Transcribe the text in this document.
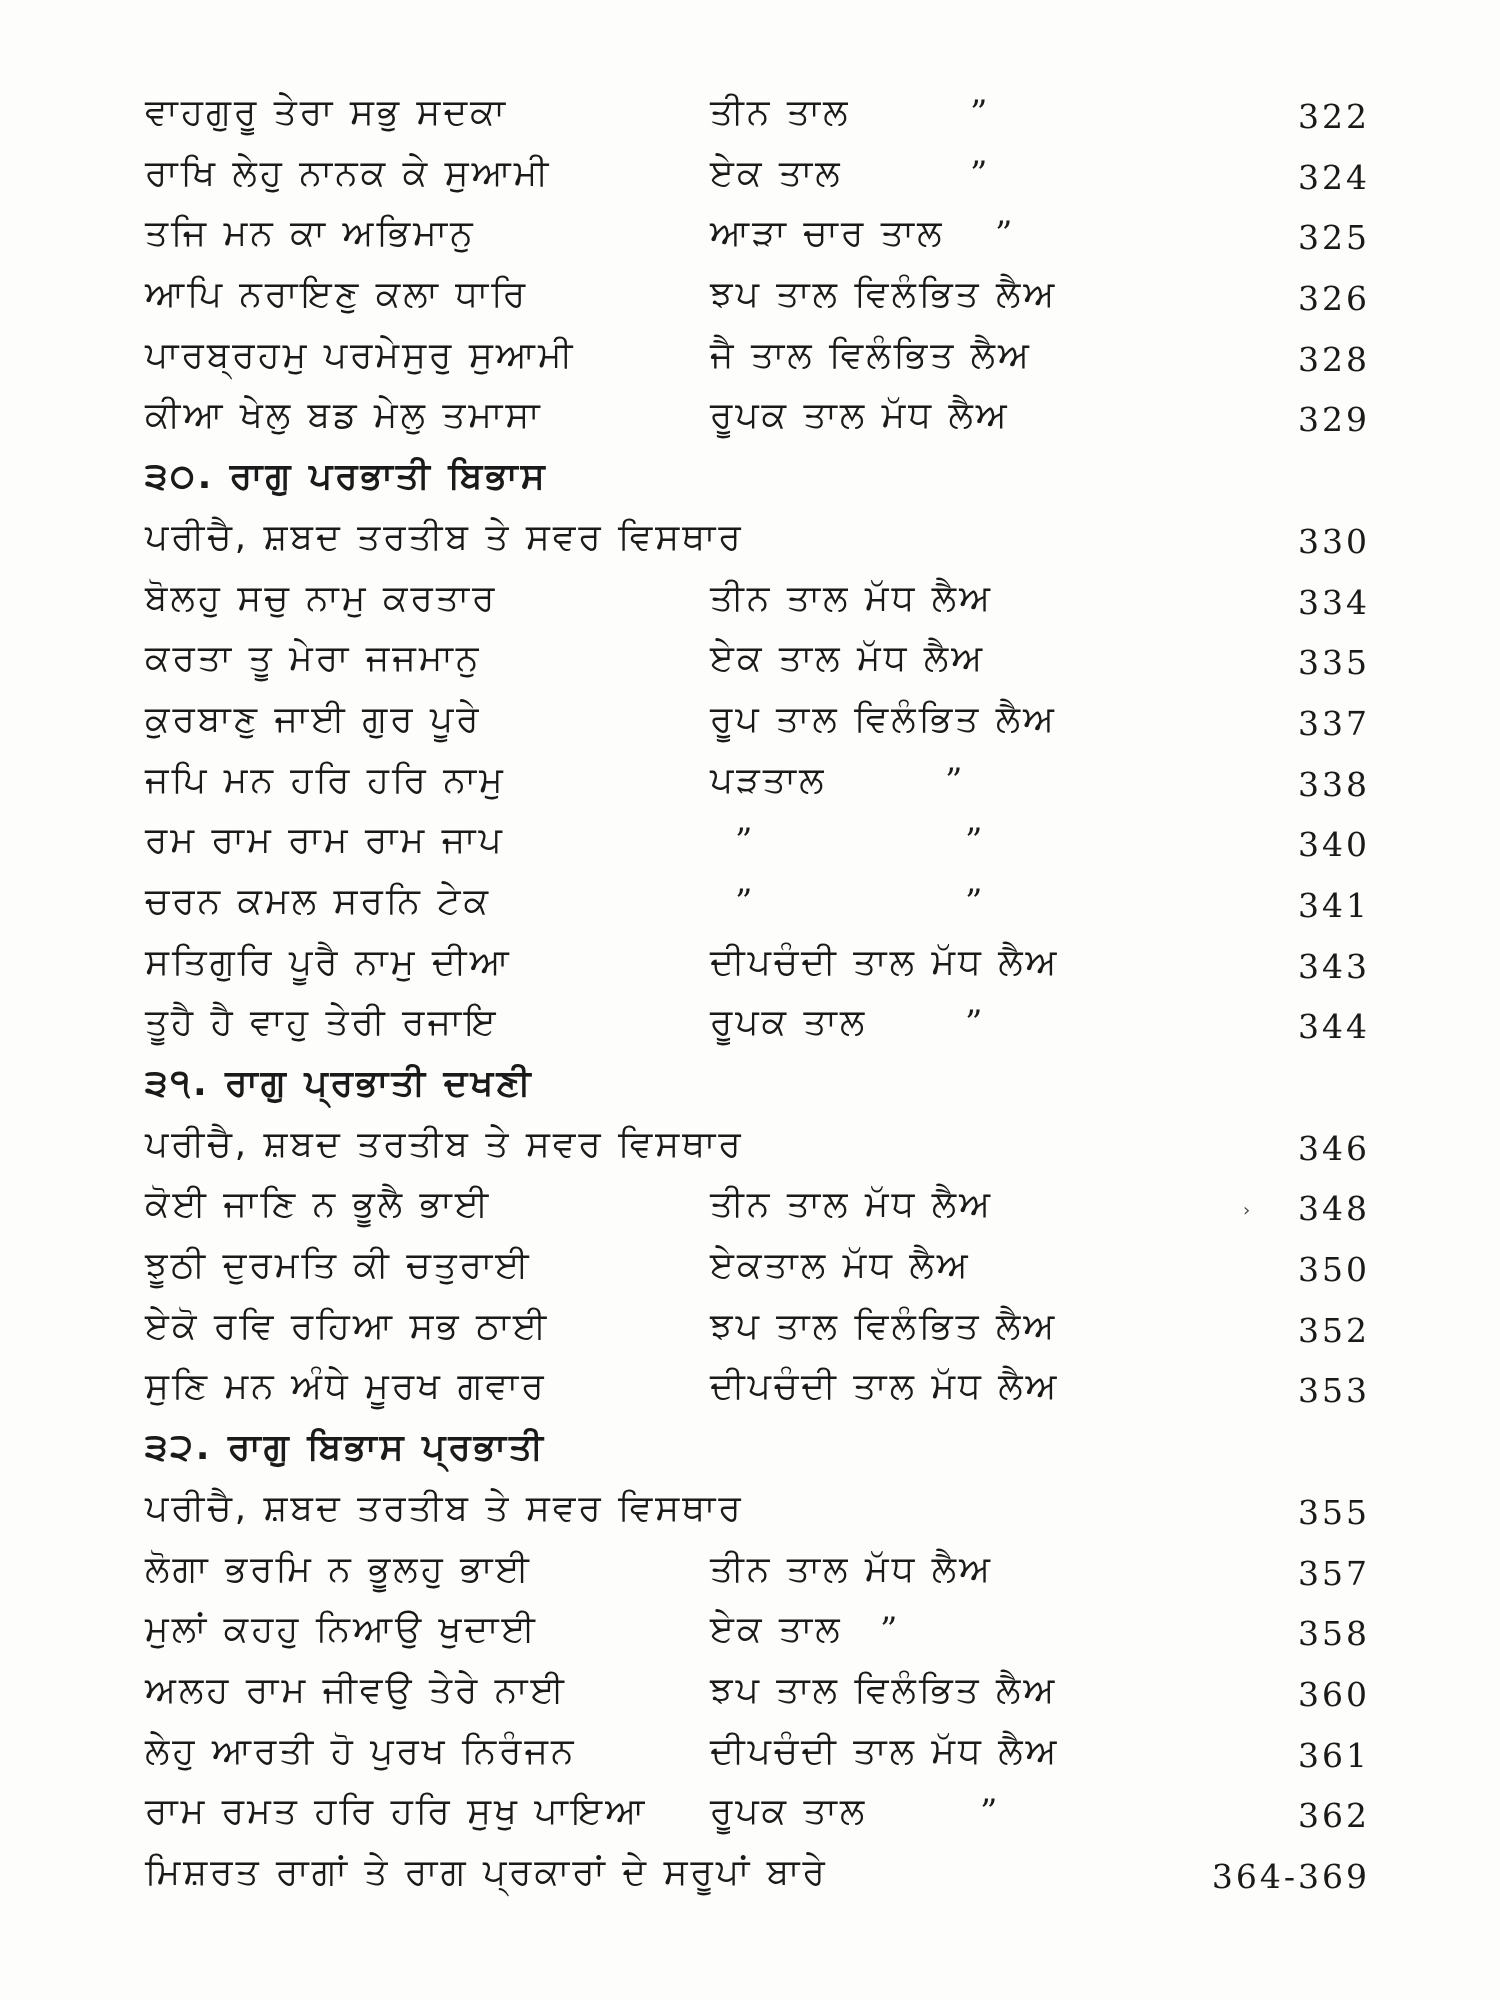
ਵਾਹਗੁਰੂ ਤੇਰਾ ਸਭੁ ਸਦਕਾ	ਤੀਨ ਤਾਲ	”	322
ਰਾਖਿ ਲੇਹੁ ਨਾਨਕ ਕੇ ਸੁਆਮੀ	ਏਕ ਤਾਲ	”	324
ਤਜਿ ਮਨ ਕਾ ਅਭਿਮਾਨੁ	ਆੜਾ ਚਾਰ ਤਾਲ ”	325
ਆਪਿ ਨਰਾਇਣੁ ਕਲਾ ਧਾਰਿ	ਝਪ ਤਾਲ ਵਿਲੰਭਿਤ ਲੈਅ	326
ਪਾਰਬ੍ਰਹਮੁ ਪਰਮੇਸੁਰੁ ਸੁਆਮੀ	ਜੈ ਤਾਲ ਵਿਲੰਭਿਤ ਲੈਅ	328
ਕੀਆ ਖੇਲੁ ਬਡ ਮੇਲੁ ਤਮਾਸਾ	ਰੂਪਕ ਤਾਲ ਮੱਧ ਲੈਅ	329
੩੦. ਰਾਗੁ ਪਰਭਾਤੀ ਬਿਭਾਸ
ਪਰੀਚੈ, ਸ਼ਬਦ ਤਰਤੀਬ ਤੇ ਸਵਰ ਵਿਸਥਾਰ	330
ਬੋਲਹੁ ਸਚੁ ਨਾਮੁ ਕਰਤਾਰ	ਤੀਨ ਤਾਲ ਮੱਧ ਲੈਅ	334
ਕਰਤਾ ਤੂ ਮੇਰਾ ਜਜਮਾਨੁ	ਏਕ ਤਾਲ ਮੱਧ ਲੈਅ	335
ਕੁਰਬਾਣੁ ਜਾਈ ਗੁਰ ਪੂਰੇ	ਰੂਪ ਤਾਲ ਵਿਲੰਭਿਤ ਲੈਅ	337
ਜਪਿ ਮਨ ਹਰਿ ਹਰਿ ਨਾਮੁ	ਪੜਤਾਲ	”	338
ਰਮ ਰਾਮ ਰਾਮ ਰਾਮ ਜਾਪ	”	”	340
ਚਰਨ ਕਮਲ ਸਰਨਿ ਟੇਕ	”	”	341
ਸਤਿਗੁਰਿ ਪੂਰੈ ਨਾਮੁ ਦੀਆ	ਦੀਪਚੰਦੀ ਤਾਲ ਮੱਧ ਲੈਅ	343
ਤੂਹੈ ਹੈ ਵਾਹੁ ਤੇਰੀ ਰਜਾਇ	ਰੂਪਕ ਤਾਲ	”	344
੩੧. ਰਾਗੁ ਪ੍ਰਭਾਤੀ ਦਖਣੀ
ਪਰੀਚੈ, ਸ਼ਬਦ ਤਰਤੀਬ ਤੇ ਸਵਰ ਵਿਸਥਾਰ	346
ਕੋਈ ਜਾਣਿ ਨ ਭੂਲੈ ਭਾਈ	ਤੀਨ ਤਾਲ ਮੱਧ ਲੈਅ	› 348
ਝੂਠੀ ਦੁਰਮਤਿ ਕੀ ਚਤੁਰਾਈ	ਏਕਤਾਲ ਮੱਧ ਲੈਅ	350
ਏਕੋ ਰਵਿ ਰਹਿਆ ਸਭ ਠਾਈ	ਝਪ ਤਾਲ ਵਿਲੰਭਿਤ ਲੈਅ	352
ਸੁਣਿ ਮਨ ਅੰਧੇ ਮੂਰਖ ਗਵਾਰ	ਦੀਪਚੰਦੀ ਤਾਲ ਮੱਧ ਲੈਅ	353
੩੨. ਰਾਗੁ ਬਿਭਾਸ ਪ੍ਰਭਾਤੀ
ਪਰੀਚੈ, ਸ਼ਬਦ ਤਰਤੀਬ ਤੇ ਸਵਰ ਵਿਸਥਾਰ	355
ਲੋਗਾ ਭਰਮਿ ਨ ਭੂਲਹੁ ਭਾਈ	ਤੀਨ ਤਾਲ ਮੱਧ ਲੈਅ	357
ਮੁਲਾਂ ਕਹਹੁ ਨਿਆਉ ਖੁਦਾਈ	ਏਕ ਤਾਲ ”	358
ਅਲਹ ਰਾਮ ਜੀਵਉ ਤੇਰੇ ਨਾਈ	ਝਪ ਤਾਲ ਵਿਲੰਭਿਤ ਲੈਅ	360
ਲੇਹੁ ਆਰਤੀ ਹੋ ਪੁਰਖ ਨਿਰੰਜਨ	ਦੀਪਚੰਦੀ ਤਾਲ ਮੱਧ ਲੈਅ	361
ਰਾਮ ਰਮਤ ਹਰਿ ਹਰਿ ਸੁਖੁ ਪਾਇਆ ਰੂਪਕ ਤਾਲ	”	362
ਮਿਸ਼ਰਤ ਰਾਗਾਂ ਤੇ ਰਾਗ ਪ੍ਰਕਾਰਾਂ ਦੇ ਸਰੂਪਾਂ ਬਾਰੇ	364-369
